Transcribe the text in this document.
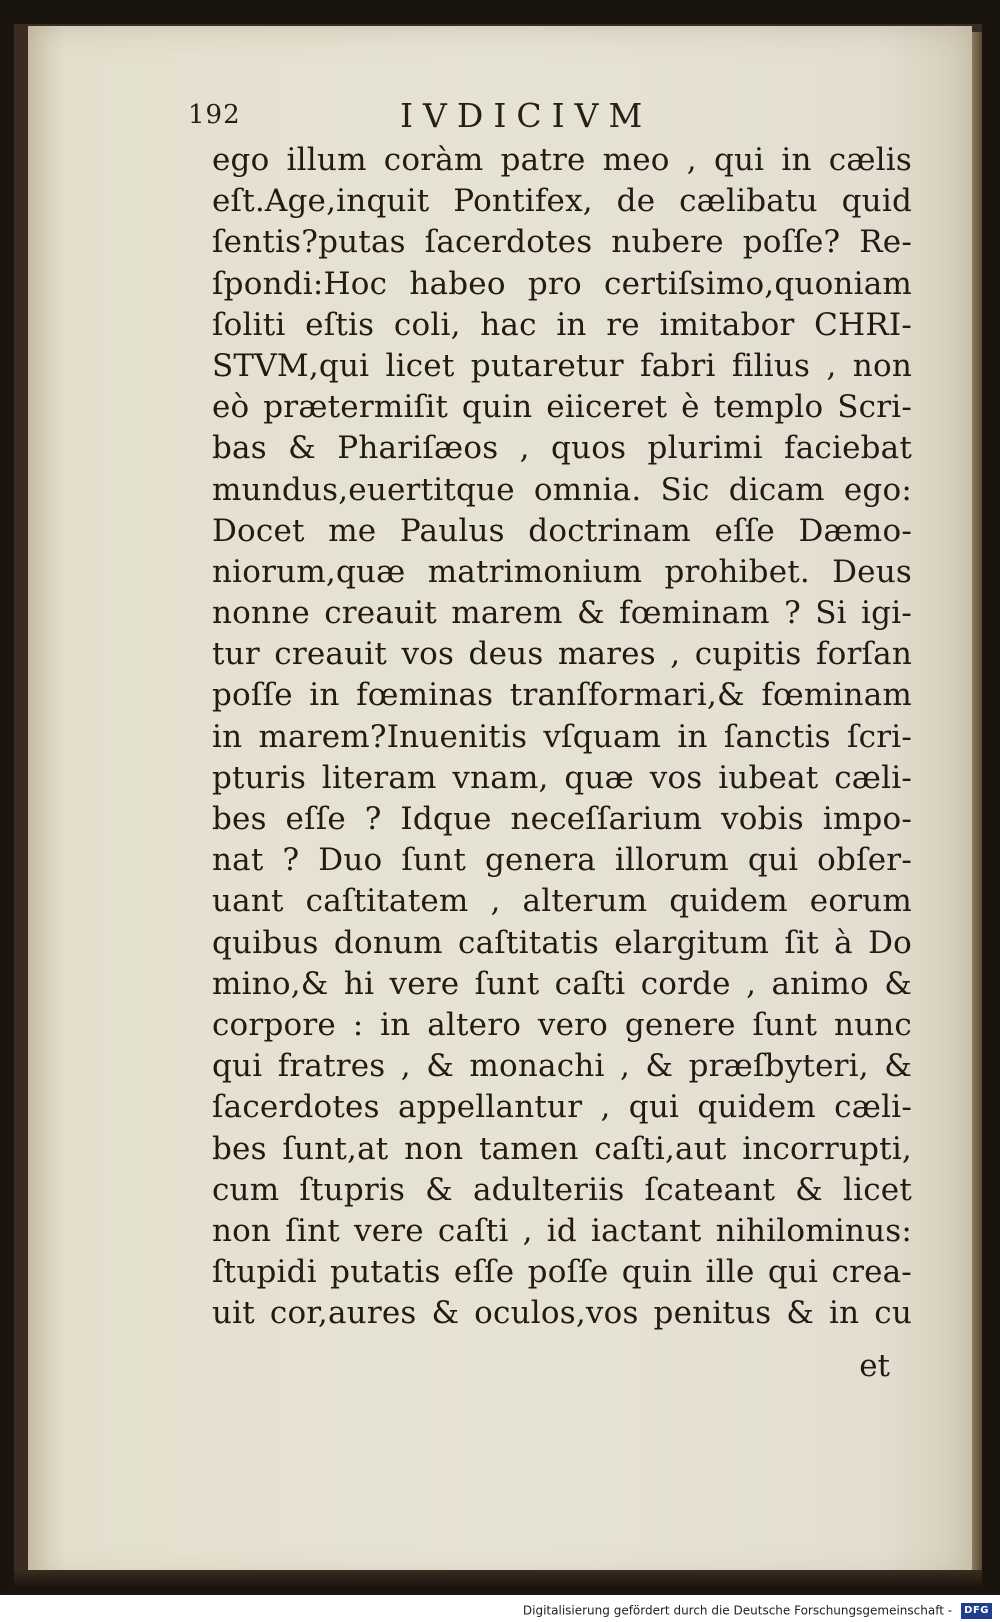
192	IVDICIVM
ego illum coràm patre meo , qui in cælis
eſt.Age,inquit Pontifex, de cælibatu quid
ſentis?putas ſacerdotes nubere poſſe? Re-
ſpondi:Hoc habeo pro certiſsimo,quoniam
ſoliti eſtis coli, hac in re imitabor CHRI-
STVM,qui licet putaretur fabri filius , non
eò prætermiſit quin eiiceret è templo Scri-
bas & Phariſæos , quos plurimi faciebat
mundus,euertitque omnia. Sic dicam ego:
Docet me Paulus doctrinam eſſe Dæmo-
niorum,quæ matrimonium prohibet. Deus
nonne creauit marem & fœminam ? Si igi-
tur creauit vos deus mares , cupitis forſan
poſſe in fœminas tranſformari,& fœminam
in marem?Inuenitis vſquam in ſanctis ſcri-
pturis literam vnam, quæ vos iubeat cæli-
bes eſſe ? Idque neceſſarium vobis impo-
nat ? Duo ſunt genera illorum qui obſer-
uant caſtitatem , alterum quidem eorum
quibus donum caſtitatis elargitum ſit à Do
mino,& hi vere ſunt caſti corde , animo &
corpore : in altero vero genere ſunt nunc
qui fratres , & monachi , & præſbyteri, &
ſacerdotes appellantur , qui quidem cæli-
bes ſunt,at non tamen caſti,aut incorrupti,
cum ſtupris & adulteriis ſcateant & licet
non ſint vere caſti , id iactant nihilominus:
ſtupidi putatis eſſe poſſe quin ille qui creа-
uit cor,aures & oculos,vos penitus & in cu
et
Digitalisierung gefördert durch die Deutsche Forschungsgemeinschaft - DFG
